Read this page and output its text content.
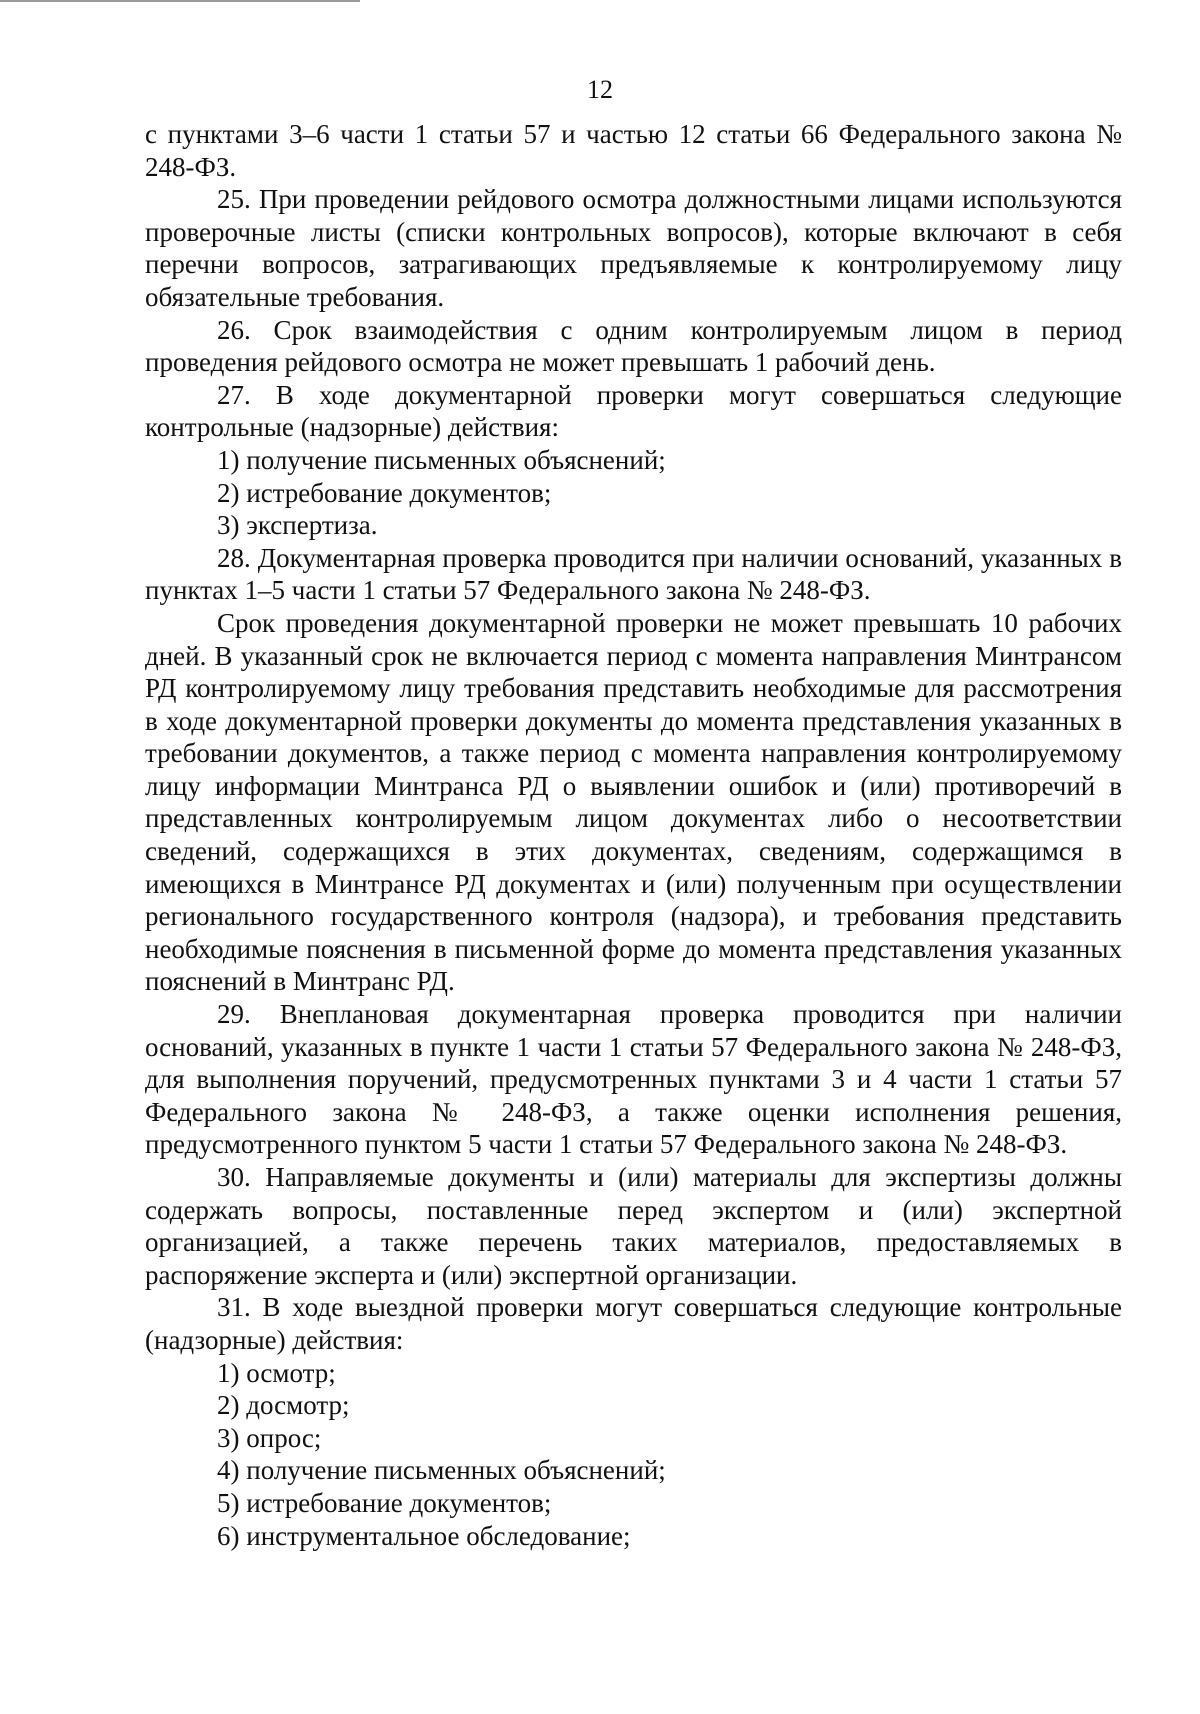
12

с пунктами 3–6 части 1 статьи 57 и частью 12 статьи 66 Федерального закона № 248-ФЗ.

25. При проведении рейдового осмотра должностными лицами используются проверочные листы (списки контрольных вопросов), которые включают в себя перечни вопросов, затрагивающих предъявляемые к контролируемому лицу обязательные требования.

26. Срок взаимодействия с одним контролируемым лицом в период проведения рейдового осмотра не может превышать 1 рабочий день.

27. В ходе документарной проверки могут совершаться следующие контрольные (надзорные) действия:

1) получение письменных объяснений;

2) истребование документов;

3) экспертиза.

28. Документарная проверка проводится при наличии оснований, указанных в пунктах 1–5 части 1 статьи 57 Федерального закона № 248-ФЗ.

Срок проведения документарной проверки не может превышать 10 рабочих дней. В указанный срок не включается период с момента направления Минтрансом РД контролируемому лицу требования представить необходимые для рассмотрения в ходе документарной проверки документы до момента представления указанных в требовании документов, а также период с момента направления контролируемому лицу информации Минтранса РД о выявлении ошибок и (или) противоречий в представленных контролируемым лицом документах либо о несоответствии сведений, содержащихся в этих документах, сведениям, содержащимся в имеющихся в Минтрансе РД документах и (или) полученным при осуществлении регионального государственного контроля (надзора), и требования представить необходимые пояснения в письменной форме до момента представления указанных пояснений в Минтранс РД.

29. Внеплановая документарная проверка проводится при наличии оснований, указанных в пункте 1 части 1 статьи 57 Федерального закона № 248-ФЗ, для выполнения поручений, предусмотренных пунктами 3 и 4 части 1 статьи 57 Федерального закона № 248-ФЗ, а также оценки исполнения решения, предусмотренного пунктом 5 части 1 статьи 57 Федерального закона № 248-ФЗ.

30. Направляемые документы и (или) материалы для экспертизы должны содержать вопросы, поставленные перед экспертом и (или) экспертной организацией, а также перечень таких материалов, предоставляемых в распоряжение эксперта и (или) экспертной организации.

31. В ходе выездной проверки могут совершаться следующие контрольные (надзорные) действия:

1) осмотр;

2) досмотр;

3) опрос;

4) получение письменных объяснений;

5) истребование документов;

6) инструментальное обследование;
